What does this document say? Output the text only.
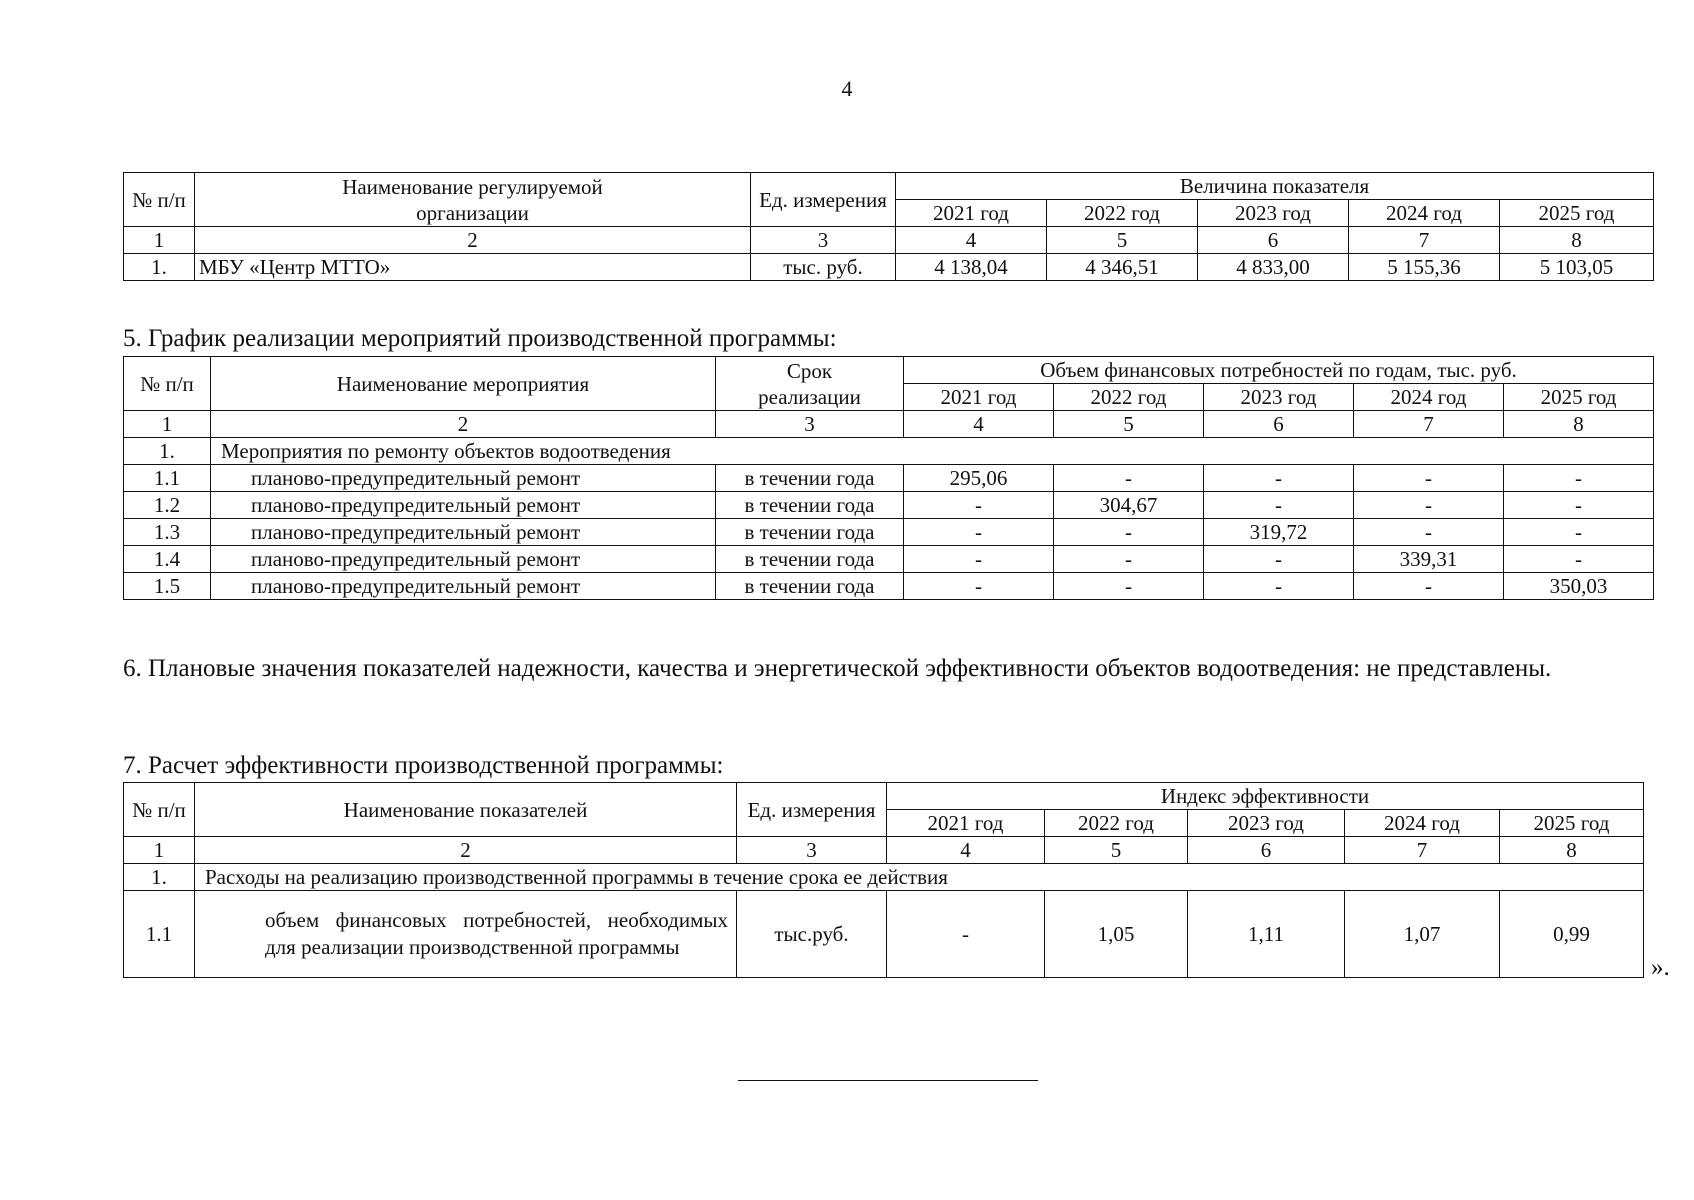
4
№ п/п	Наименование регулируемой организации	Ед. измерения	Величина показателя				
			2021 год	2022 год	2023 год	2024 год	2025 год
1	2	3	4	5	6	7	8
1.	МБУ «Центр МТТО»	тыс. руб.	4 138,04	4 346,51	4 833,00	5 155,36	5 103,05
5. График реализации мероприятий производственной программы:
№ п/п	Наименование мероприятия	Срок реализации	Объем финансовых потребностей по годам, тыс. руб.				
			2021 год	2022 год	2023 год	2024 год	2025 год
1	2	3	4	5	6	7	8
1.	Мероприятия по ремонту объектов водоотведения						
1.1	планово-предупредительный ремонт	в течении года	295,06	-	-	-	-
1.2	планово-предупредительный ремонт	в течении года	-	304,67	-	-	-
1.3	планово-предупредительный ремонт	в течении года	-	-	319,72	-	-
1.4	планово-предупредительный ремонт	в течении года	-	-	-	339,31	-
1.5	планово-предупредительный ремонт	в течении года	-	-	-	-	350,03
6. Плановые значения показателей надежности, качества и энергетической эффективности объектов водоотведения: не представлены.
7. Расчет эффективности производственной программы:
№ п/п	Наименование показателей	Ед. измерения	Индекс эффективности				
			2021 год	2022 год	2023 год	2024 год	2025 год
1	2	3	4	5	6	7	8
1.	Расходы на реализацию производственной программы в течение срока ее действия						
1.1	объем финансовых потребностей, необходимых для реализации производственной программы	тыс.руб.	-	1,05	1,11	1,07	0,99
».
